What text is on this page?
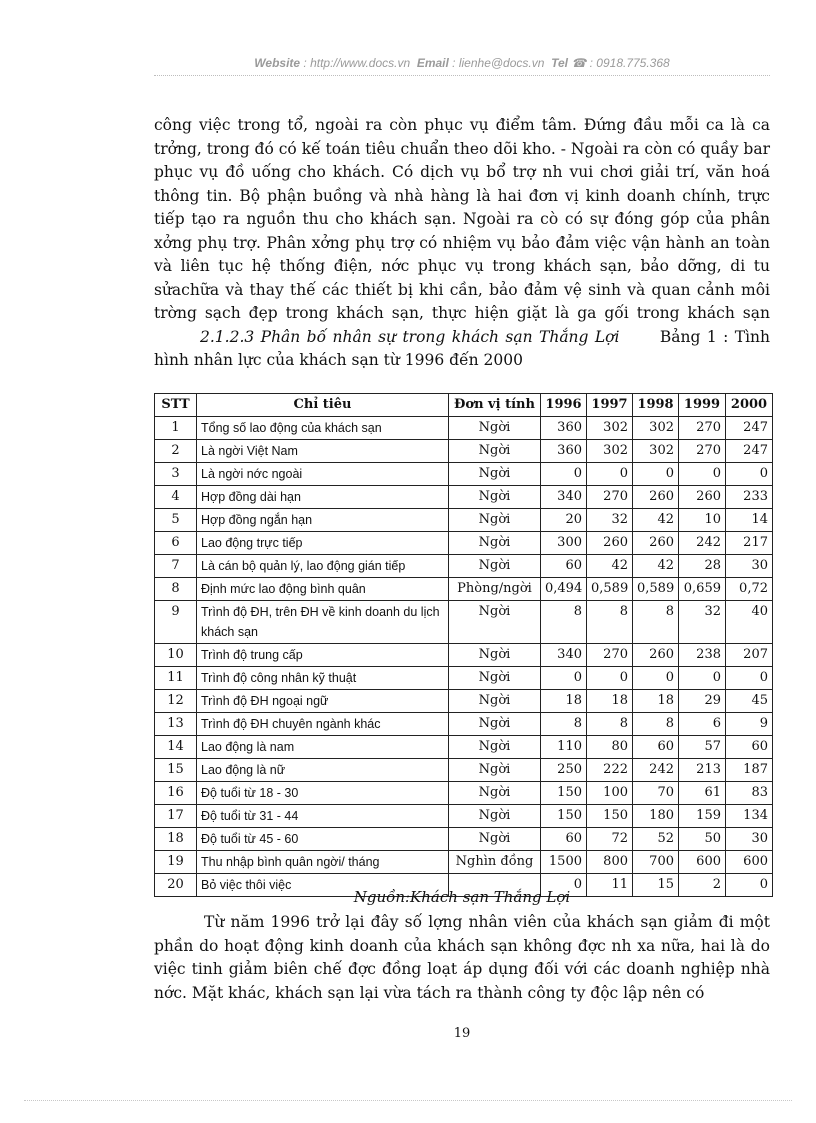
Website : http://www.docs.vn Email : lienhe@docs.vn Tel ☎ : 0918.775.368
công việc trong tổ, ngoài ra còn phục vụ điểm tâm. Đứng đầu mỗi ca là ca trởng, trong đó có kế toán tiêu chuẩn theo dõi kho. - Ngoài ra còn có quầy bar phục vụ đồ uống cho khách. Có dịch vụ bổ trợ nh vui chơi giải trí, văn hoá thông tin. Bộ phận buồng và nhà hàng là hai đơn vị kinh doanh chính, trực tiếp tạo ra nguồn thu cho khách sạn. Ngoài ra cò có sự đóng góp của phân xởng phụ trợ. Phân xởng phụ trợ có nhiệm vụ bảo đảm việc vận hành an toàn và liên tục hệ thống điện, nớc phục vụ trong khách sạn, bảo dỡng, di tu sửachữa và thay thế các thiết bị khi cần, bảo đảm vệ sinh và quan cảnh môi trờng sạch đẹp trong khách sạn, thực hiện giặt là ga gối trong khách sạn 2.1.2.3 Phân bố nhân sự trong khách sạn Thắng Lợi	Bảng 1 : Tình hình nhân lực của khách sạn từ 1996 đến 2000
STT	Chỉ tiêu	Đơn vị tính	1996	1997	1998	1999	2000
1	Tổng số lao động của khách sạn	Ngời	360	302	302	270	247
2	Là ngời Việt Nam	Ngời	360	302	302	270	247
3	Là ngời nớc ngoài	Ngời	0	0	0	0	0
4	Hợp đồng dài hạn	Ngời	340	270	260	260	233
5	Hợp đồng ngắn hạn	Ngời	20	32	42	10	14
6	Lao động trực tiếp	Ngời	300	260	260	242	217
7	Là cán bộ quản lý, lao động gián tiếp	Ngời	60	42	42	28	30
8	Định mức lao động bình quân	Phòng/ngời	0,494	0,589	0,589	0,659	0,72
9	Trình độ ĐH, trên ĐH về kinh doanh du lịch khách sạn	Ngời	8	8	8	32	40
10	Trình độ trung cấp	Ngời	340	270	260	238	207
11	Trình độ công nhân kỹ thuật	Ngời	0	0	0	0	0
12	Trình độ ĐH ngoại ngữ	Ngời	18	18	18	29	45
13	Trình độ ĐH chuyên ngành khác	Ngời	8	8	8	6	9
14	Lao động là nam	Ngời	110	80	60	57	60
15	Lao động là nữ	Ngời	250	222	242	213	187
16	Độ tuổi từ 18 - 30	Ngời	150	100	70	61	83
17	Độ tuổi từ 31 - 44	Ngời	150	150	180	159	134
18	Độ tuổi từ 45 - 60	Ngời	60	72	52	50	30
19	Thu nhập bình quân ngời/ tháng	Nghìn đồng	1500	800	700	600	600
20	Bỏ việc thôi việc		0	11	15	2	0
Nguồn:Khách sạn Thắng Lợi
Từ năm 1996 trở lại đây số lợng nhân viên của khách sạn giảm đi một phần do hoạt động kinh doanh của khách sạn không đợc nh xa nữa, hai là do việc tinh giảm biên chế đợc đồng loạt áp dụng đối với các doanh nghiệp nhà nớc. Mặt khác, khách sạn lại vừa tách ra thành công ty độc lập nên có
19
